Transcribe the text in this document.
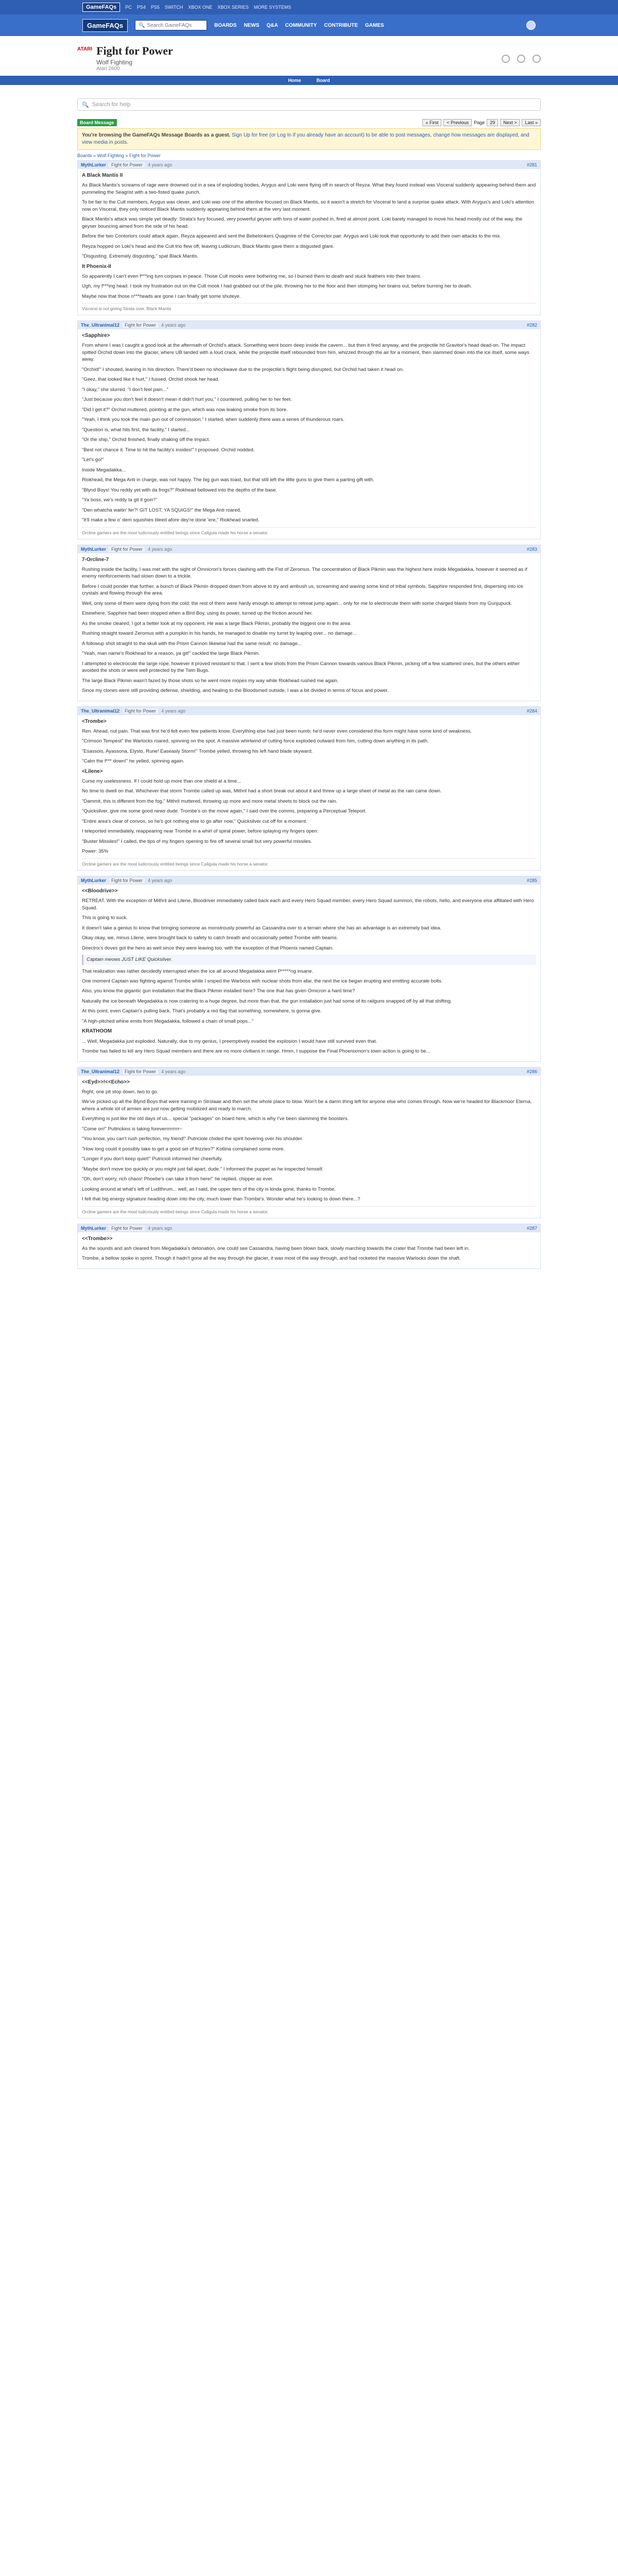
GameFAQs	PC PS4 PS5 SWITCH XBOX ONE XBOX SERIES MORE SYSTEMS
GameFAQs	🔍 Search GameFAQs	BOARDS NEWS Q&A COMMUNITY CONTRIBUTE GAMES
ATARI Fight for Power
Wolf Fighting
Atari 2600
Home	Board
🔍 Search for help
Board Message	« First	< Previous	Page	29	Next >	Last »
You're browsing the GameFAQs Message Boards as a guest. Sign Up for free (or Log In if you already have an account) to be able to post messages, change how messages are displayed, and view media in posts.
Boards » Wolf Fighting » Fight for Power
MythLurker	Fight for Power	4 years ago	#281
A Black Mantis II

As Black Mantis's screams of rage were drowned out in a sea of exploding bodies, Arygus and Loki were flying off in search of Reyza. What they found instead was Visceral suddenly appearing behind them and pummeling the Seagrist with a two-fisted quake punch.

To be fair to the Cult members, Arygus was clever, and Loki was one of the attentive focused on Black Mantis, so it wasn't a stretch for Visceral to land a surprise quake attack. With Arygus's and Loki's attention now on Visceral, they only noticed Black Mantis suddenly appearing behind them at the very last moment.

Black Mantis's attack was simple yet deadly: Strata's fury focused, very powerful geyser with tons of water pushed in, fired at almost point. Loki barely managed to move his head mostly out of the way, the geyser bouncing aimed from the side of his head.

Before the two Contoriors could attack again, Reyza appeared and sent the Bebelonkers Quagmire of the Corrector pair. Arygus and Loki took that opportunity to add their own attacks to the mix.

Reyza hopped on Loki's head and the Cult trio flew off, leaving Ludlicrum, Black Mantis gave them a disgusted glare.

"Disgusting. Extremely disgusting," spat Black Mantis.

It Phoenix-II

So apparently I can't even f***ing turn corpses in peace. Those Cult mooks were bothering me, so I burned them to death and stuck feathers into their brains.

Ugh, my f***ing head. I took my frustration out on the Cult mook I had grabbed out of the pile, throwing her to the floor and then stomping her brains out, before burning her to death.

Maybe now that those n***heads are gone I can finally get some shuteye.

Visceral is not giving Strata over, Black Mantis
The_Ultranimal12	Fight for Power	4 years ago	#282
<Sapphire>

From where I was I caught a good look at the aftermath of Orchid's attack. Something went boom deep inside the cavern... but then it fired anyway, and the projectile hit Gravitor's head dead-on. The impact spitted Orchid down into the glacier, where UB landed with a loud crack, while the projectile itself rebounded from him, whizzed through the air for a moment, then slammed down into the ice itself, some ways away.

"Orchid!" I shouted, leaning in his direction. There'd been no shockwave due to the projectile's flight being disrupted, but Orchid had taken it head on.

"Geez, that looked like it hurt," I fussed. Orchid shook her head.

"I okay," she slurred. "I don't feel pain..."

"Just because you don't feel it doesn't mean it didn't hurt you," I countered, pulling her to her feet.

"Did I get it?" Orchid muttered, pointing at the gun, which was now leaking smoke from its bore.

"Yeah, I think you took the main gun out of commission." I started, when suddenly there was a series of thunderous roars.

"Question is, what hits first, the facility," I started...

"Or the ship," Orchid finished, finally shaking off the impact.

"Best not chance it. Time to hit the facility's insides!" I proposed. Orchid nodded.

"Let's go!"

Inside Megadakka...

Riokhead, the Mega Anti in charge, was not happy. The big gun was toast, but that still left the little guns to give them a parting gift with.

"Blynd Boys! You reddy yet with da frogs?" Riokhead bellowed into the depths of the base.

"Ya boss, we's reddy ta git it goin'!"

"Den whatcha waitin' fer?! GIT LOST, YA SQUIGS!" the Mega Anti roared.

"It'll make a few o' dem squishies bleed afore dey're done 'ere," Riokhead snarled.

Orcline gamers are the most ludicrously entitled beings since Caligula made his horse a senator.
MythLurker	Fight for Power	4 years ago	#283
7-Orcline-7

Rushing inside the facility, I was met with the sight of Omnicron's forces clashing with the Fist of Zeromus. The concentration of Black Pikmin was the highest here inside Megadakka, however it seemed as if enemy reinforcements had slown down to a trickle.

Before I could ponder that further, a bunch of Black Pikmin dropped down from above to try and ambush us, screaming and waving some kind of tribal symbols. Sapphire responded first, dispersing into ice crystals and flowing through the area.

Well, only some of them were dying from the cold; the rest of them were hardy enough to attempt to retreat jump again... only for me to electrocute them with some charged blasts from my Gunjupuck.

Elsewhere, Sapphire had been stopped when a Bird Boy, using its power, turned up the friction around her.

As the smoke cleared, I got a better look at my opponent. He was a large Black Pikmin, probably the biggest one in the area.

Rushing straight toward Zeromus with a pumpkin in his hands, he managed to disable my turret by leaping over... no damage...

A followup shot straight to the skull with the Prism Cannon likewise had the same result: no damage...

"Yeah, man name's Riokhead for a reason, ya git!" cackled the large Black Pikmin.

I attempted to electrocute the large rope, however it proved resistant to that. I sent a few shots from the Prism Cannon towards various Black Pikmin, picking off a few scattered ones, but the others either avoided the shots or were well protected by the Twin Bugs.

The large Black Pikmin wasn't fazed by those shots so he went more mopes my way while Riokhead rushed me again.

Since my clones were still providing defense, shielding, and healing to the Bloodsmed outside, I was a bit divided in terms of focus and power.

The_Ultranimal12	Fight for Power	4 years ago	#284
<Trombe>

Ren. Ahead, nut pain. That was first he'd felt even few patients know. Everything else had just been numb; he'd never even considered this form might have some kind of weakness.

"Crimson Tempest" the Warlocks roared, spinning on the spot. A massive whirlwind of cutting force exploded outward from him, cutting down anything in its path.

"Esassois, Ayassona, Elysto, Rune! Easeasly Storm!" Trombe yelled, throwing his left hand blade skyward.

"Calm the f*** down!" he yelled, spinning again.

<Lilene>

Curse my uselessness. If I could hold up more than one shield at a time...

No time to dwell on that. Whichever that storm Trombe called up was, Mithril had a short break out about it and threw up a large sheet of metal as the rain came down.

"Dammit, this is different from the fog," Mithril muttered, throwing up more and more metal sheets to block out the rain.

"Quicksilver, give me some good news dude. Trombe's on the move again," I said over the comms, preparing a Perceptual Teleport.

"Entire area's clear of convos, so he's got nothing else to go after now," Quicksilver cut off for a moment.

I teleported immediately, reappearing near Trombe in a whirl of spiral power, before splaying my fingers open:

"Buster Missiles!" I called, the tips of my fingers opening to fire off several small but very powerful missiles.

Power: 35%

Orcline gamers are the most ludicrously entitled beings since Caligula made his horse a senator.
MythLurker	Fight for Power	4 years ago	#285
<<Bloodrive>>

RETREAT. With the exception of Mithril and Lilene, Bloodriver immediately called back each and every Hero Squad member, every Hero Squad summon, the robots, hello, and everyone else affiliated with Hero Squad.

This is going to suck.

It doesn't take a genius to know that bringing someone as monstrously powerful as Cassandra over to a terrain where she has an advantage is an extremely bad idea.

Okay okay, we, minus Lilene, were brought back to safety to catch breath and occasionally pelted Trombe with beams.

Directrix's doves got the hero as well since they were leaving too, with the exception of that Phoenix named Captain.

Captain meows JUST LIKE Quicksilver.

That realization was rather decidedly interrupted when the ice all around Megadakka went P*****ng insane.

One moment Captain was fighting against Trombe while I sniped the Warboss with nuclear shots from afar, the next the ice began erupting and emitting accurate bolts.

Also, you know the gigantic gun installation that the Black Pikmin installed here? The one that has given Omicron a hard time?

Naturally the ice beneath Megadakka is now cratering to a huge degree, but more than that, the gun installation just had some of its railguns snapped off by all that shifting.

At this point, even Captain's pulling back. That's probably a red flag that something, somewhere, is gonna give.

"A high-pitched whine emits from Megadakka, followed a chain of small pops..."

KRATHOOM

... Well, Megadakka just exploded. Naturally, due to my genius, I preemptively evaded the explosion I would have still survived even that.

Trombe has failed to kill any Hero Squad members and there are no more civilians in range. Hmm, I suppose the Final Phoenixmon's town action is going to be...

The_Ultranimal12	Fight for Power	4 years ago	#286
<<Eyd>>!<<Echo>>

Right, one pit stop down, two to go.

We've picked up all the Blynd Boys that were training in Strolaae and then set the whole place to blow. Won't be a damn thing left for anyone else who comes through. Now we're headed for Blackmoor Eterna, where a whole lot of armies are just now getting mobilized and ready to march.

Everything is just like the old days of us... special "packages" on board here, which is why I've been slamming the boosters.

"Come on!" Puttrickins is taking foreverrrrrrrrr~

"You know, you can't rush perfection, my friend!" Putriciole chided the spirit hovering over his shoulder.

"How long could it possibly take to get a good set of frizzies?" Kotlina complained some more.

"Longer if you don't keep quiet!" Putricioli informed her cheerfully.

"Maybe don't move too quickly or you might just fall apart, dude." I informed the puppet as he inspected himself.

"Oh, don't worry, rich chaos! Phoebe's can take it from here!" he replied, chipper as ever.

Looking around at what's left of Ludlthrum... well, as I said, the upper tiers of the city is kinda gone, thanks to Trombe.

I felt that big energy signature heading down into the city, much lower than Trombe's. Wonder what he's looking to down there...?

Orcline gamers are the most ludicrously entitled beings since Caligula made his horse a senator.
MythLurker	Fight for Power	4 years ago	#287
<<Trombe>>

As the sounds and ash cleared from Megadakka's detonation, one could see Cassandra, having been blown back, slowly marching towards the crater that Trombe had been left in.

Trombe, a bellow spoke in sprint. Though it hadn't gone all the way through the glacier, it was most of the way through, and had rocketed the massive Warlocks down the shaft.
